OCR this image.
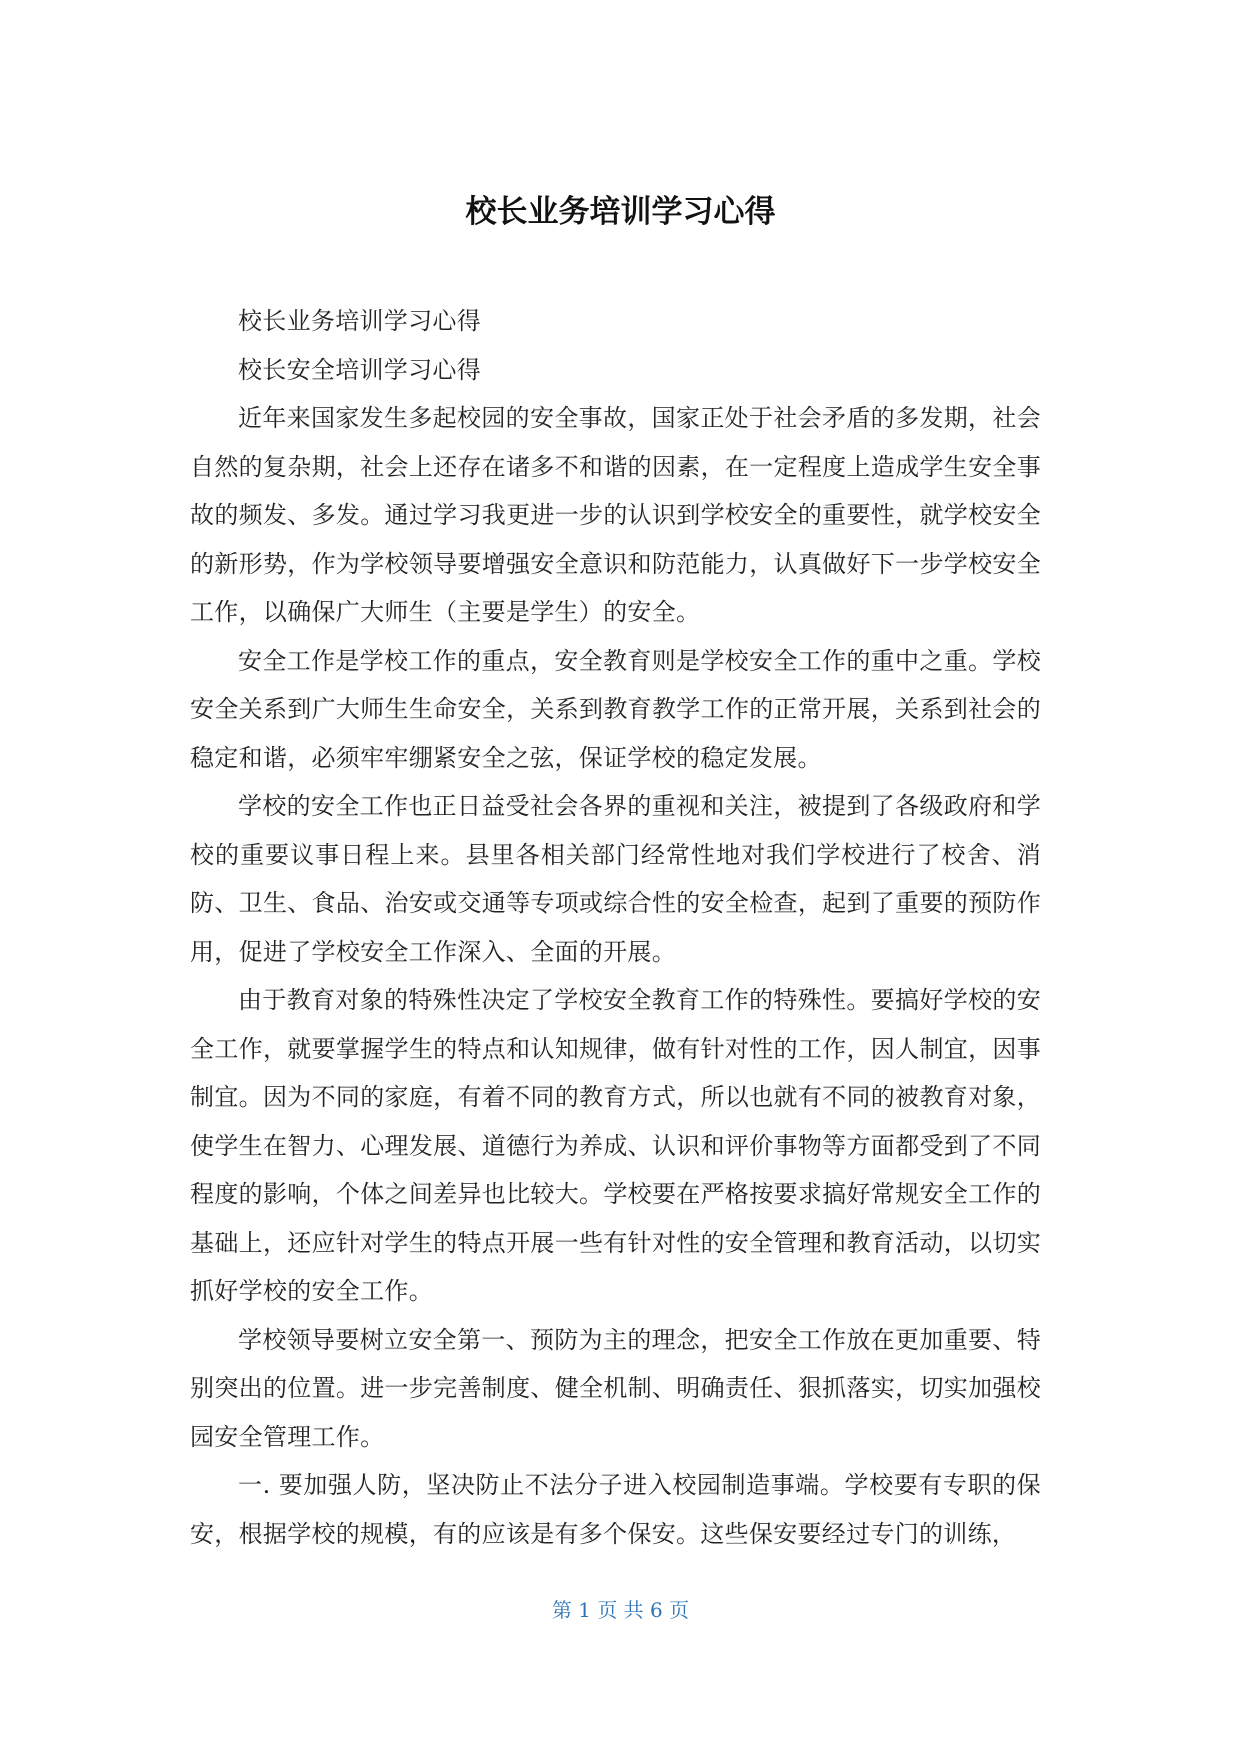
校长业务培训学习心得

校长业务培训学习心得

校长安全培训学习心得

近年来国家发生多起校园的安全事故，国家正处于社会矛盾的多发期，社会自然的复杂期，社会上还存在诸多不和谐的因素，在一定程度上造成学生安全事故的频发、多发。通过学习我更进一步的认识到学校安全的重要性，就学校安全的新形势，作为学校领导要增强安全意识和防范能力，认真做好下一步学校安全工作，以确保广大师生（主要是学生）的安全。

安全工作是学校工作的重点，安全教育则是学校安全工作的重中之重。学校安全关系到广大师生生命安全，关系到教育教学工作的正常开展，关系到社会的稳定和谐，必须牢牢绷紧安全之弦，保证学校的稳定发展。

学校的安全工作也正日益受社会各界的重视和关注，被提到了各级政府和学校的重要议事日程上来。县里各相关部门经常性地对我们学校进行了校舍、消防、卫生、食品、治安或交通等专项或综合性的安全检查，起到了重要的预防作用，促进了学校安全工作深入、全面的开展。

由于教育对象的特殊性决定了学校安全教育工作的特殊性。要搞好学校的安全工作，就要掌握学生的特点和认知规律，做有针对性的工作，因人制宜，因事制宜。因为不同的家庭，有着不同的教育方式，所以也就有不同的被教育对象，使学生在智力、心理发展、道德行为养成、认识和评价事物等方面都受到了不同程度的影响，个体之间差异也比较大。学校要在严格按要求搞好常规安全工作的基础上，还应针对学生的特点开展一些有针对性的安全管理和教育活动，以切实抓好学校的安全工作。

学校领导要树立安全第一、预防为主的理念，把安全工作放在更加重要、特别突出的位置。进一步完善制度、健全机制、明确责任、狠抓落实，切实加强校园安全管理工作。

一. 要加强人防，坚决防止不法分子进入校园制造事端。学校要有专职的保安，根据学校的规模，有的应该是有多个保安。这些保安要经过专门的训练，

第 1 页 共 6 页
